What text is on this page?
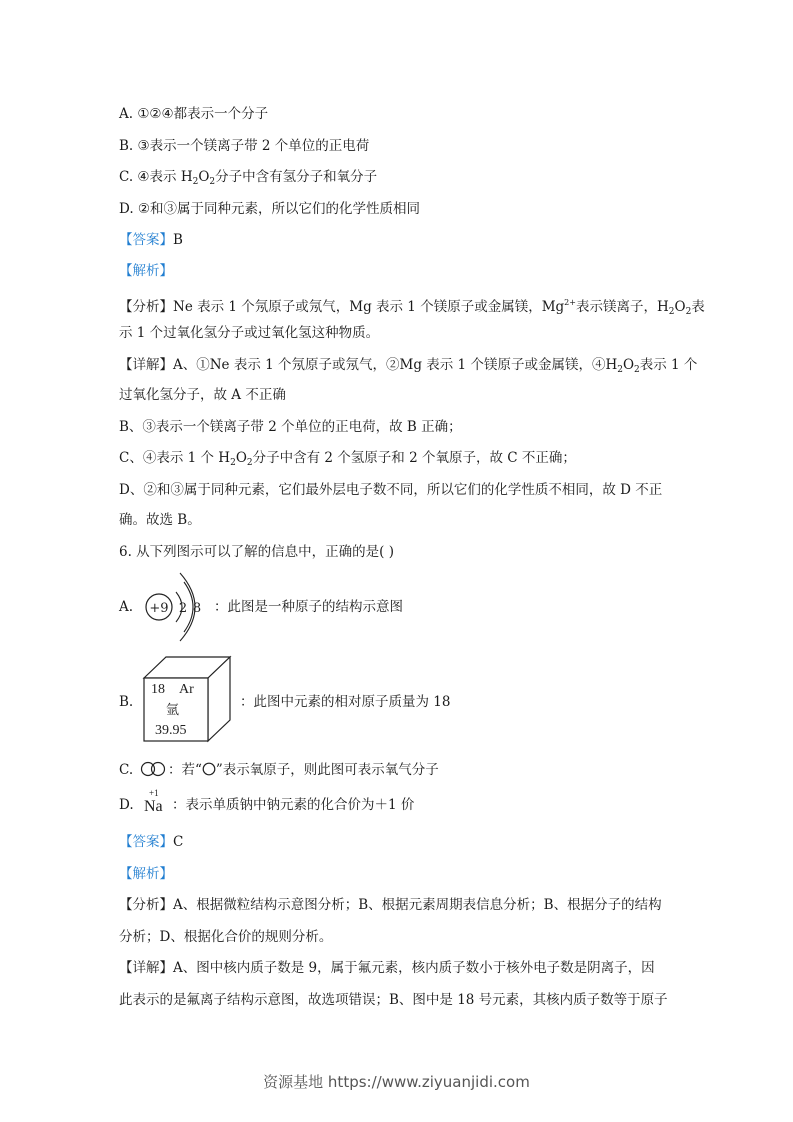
A. ①②④都表示一个分子
B. ③表示一个镁离子带 2 个单位的正电荷
C. ④表示 $H_2O_2$分子中含有氢分子和氧分子
D. ②和③属于同种元素，所以它们的化学性质相同
【答案】B
【解析】
【分析】Ne 表示 1 个氖原子或氖气，Mg 表示 1 个镁原子或金属镁，$Mg^{2+}$表示镁离子，$H_2O_2$表
示 1 个过氧化氢分子或过氧化氢这种物质。
【详解】A、①Ne 表示 1 个氖原子或氖气，②Mg 表示 1 个镁原子或金属镁，$④H_2O_2$表示 1 个
过氧化氢分子，故 A 不正确
B、③表示一个镁离子带 2 个单位的正电荷，故 B 正确；
C、④表示 1 个 $H_2O_2$分子中含有 2 个氢原子和 2 个氧原子，故 C 不正确；
D、②和③属于同种元素，它们最外层电子数不同，所以它们的化学性质不相同，故 D 不正
确。故选 B。
6. 从下列图示可以了解的信息中，正确的是( )
A. +9 2 8 ：此图是一种原子的结构示意图
B.
18 Ar
氩
39.95
：此图中元素的相对原子质量为 18
C.	：若“ ”表示氧原子，则此图可表示氧气分子
D.
+1
Na ：表示单质钠中钠元素的化合价为＋1 价
【答案】C
【解析】
【分析】A、根据微粒结构示意图分析；B、根据元素周期表信息分析；B、根据分子的结构
分析；D、根据化合价的规则分析。
【详解】A、图中核内质子数是 9，属于氟元素，核内质子数小于核外电子数是阴离子，因
此表示的是氟离子结构示意图，故选项错误；B、图中是 18 号元素，其核内质子数等于原子
资源基地 https://www.ziyuanjidi.com
